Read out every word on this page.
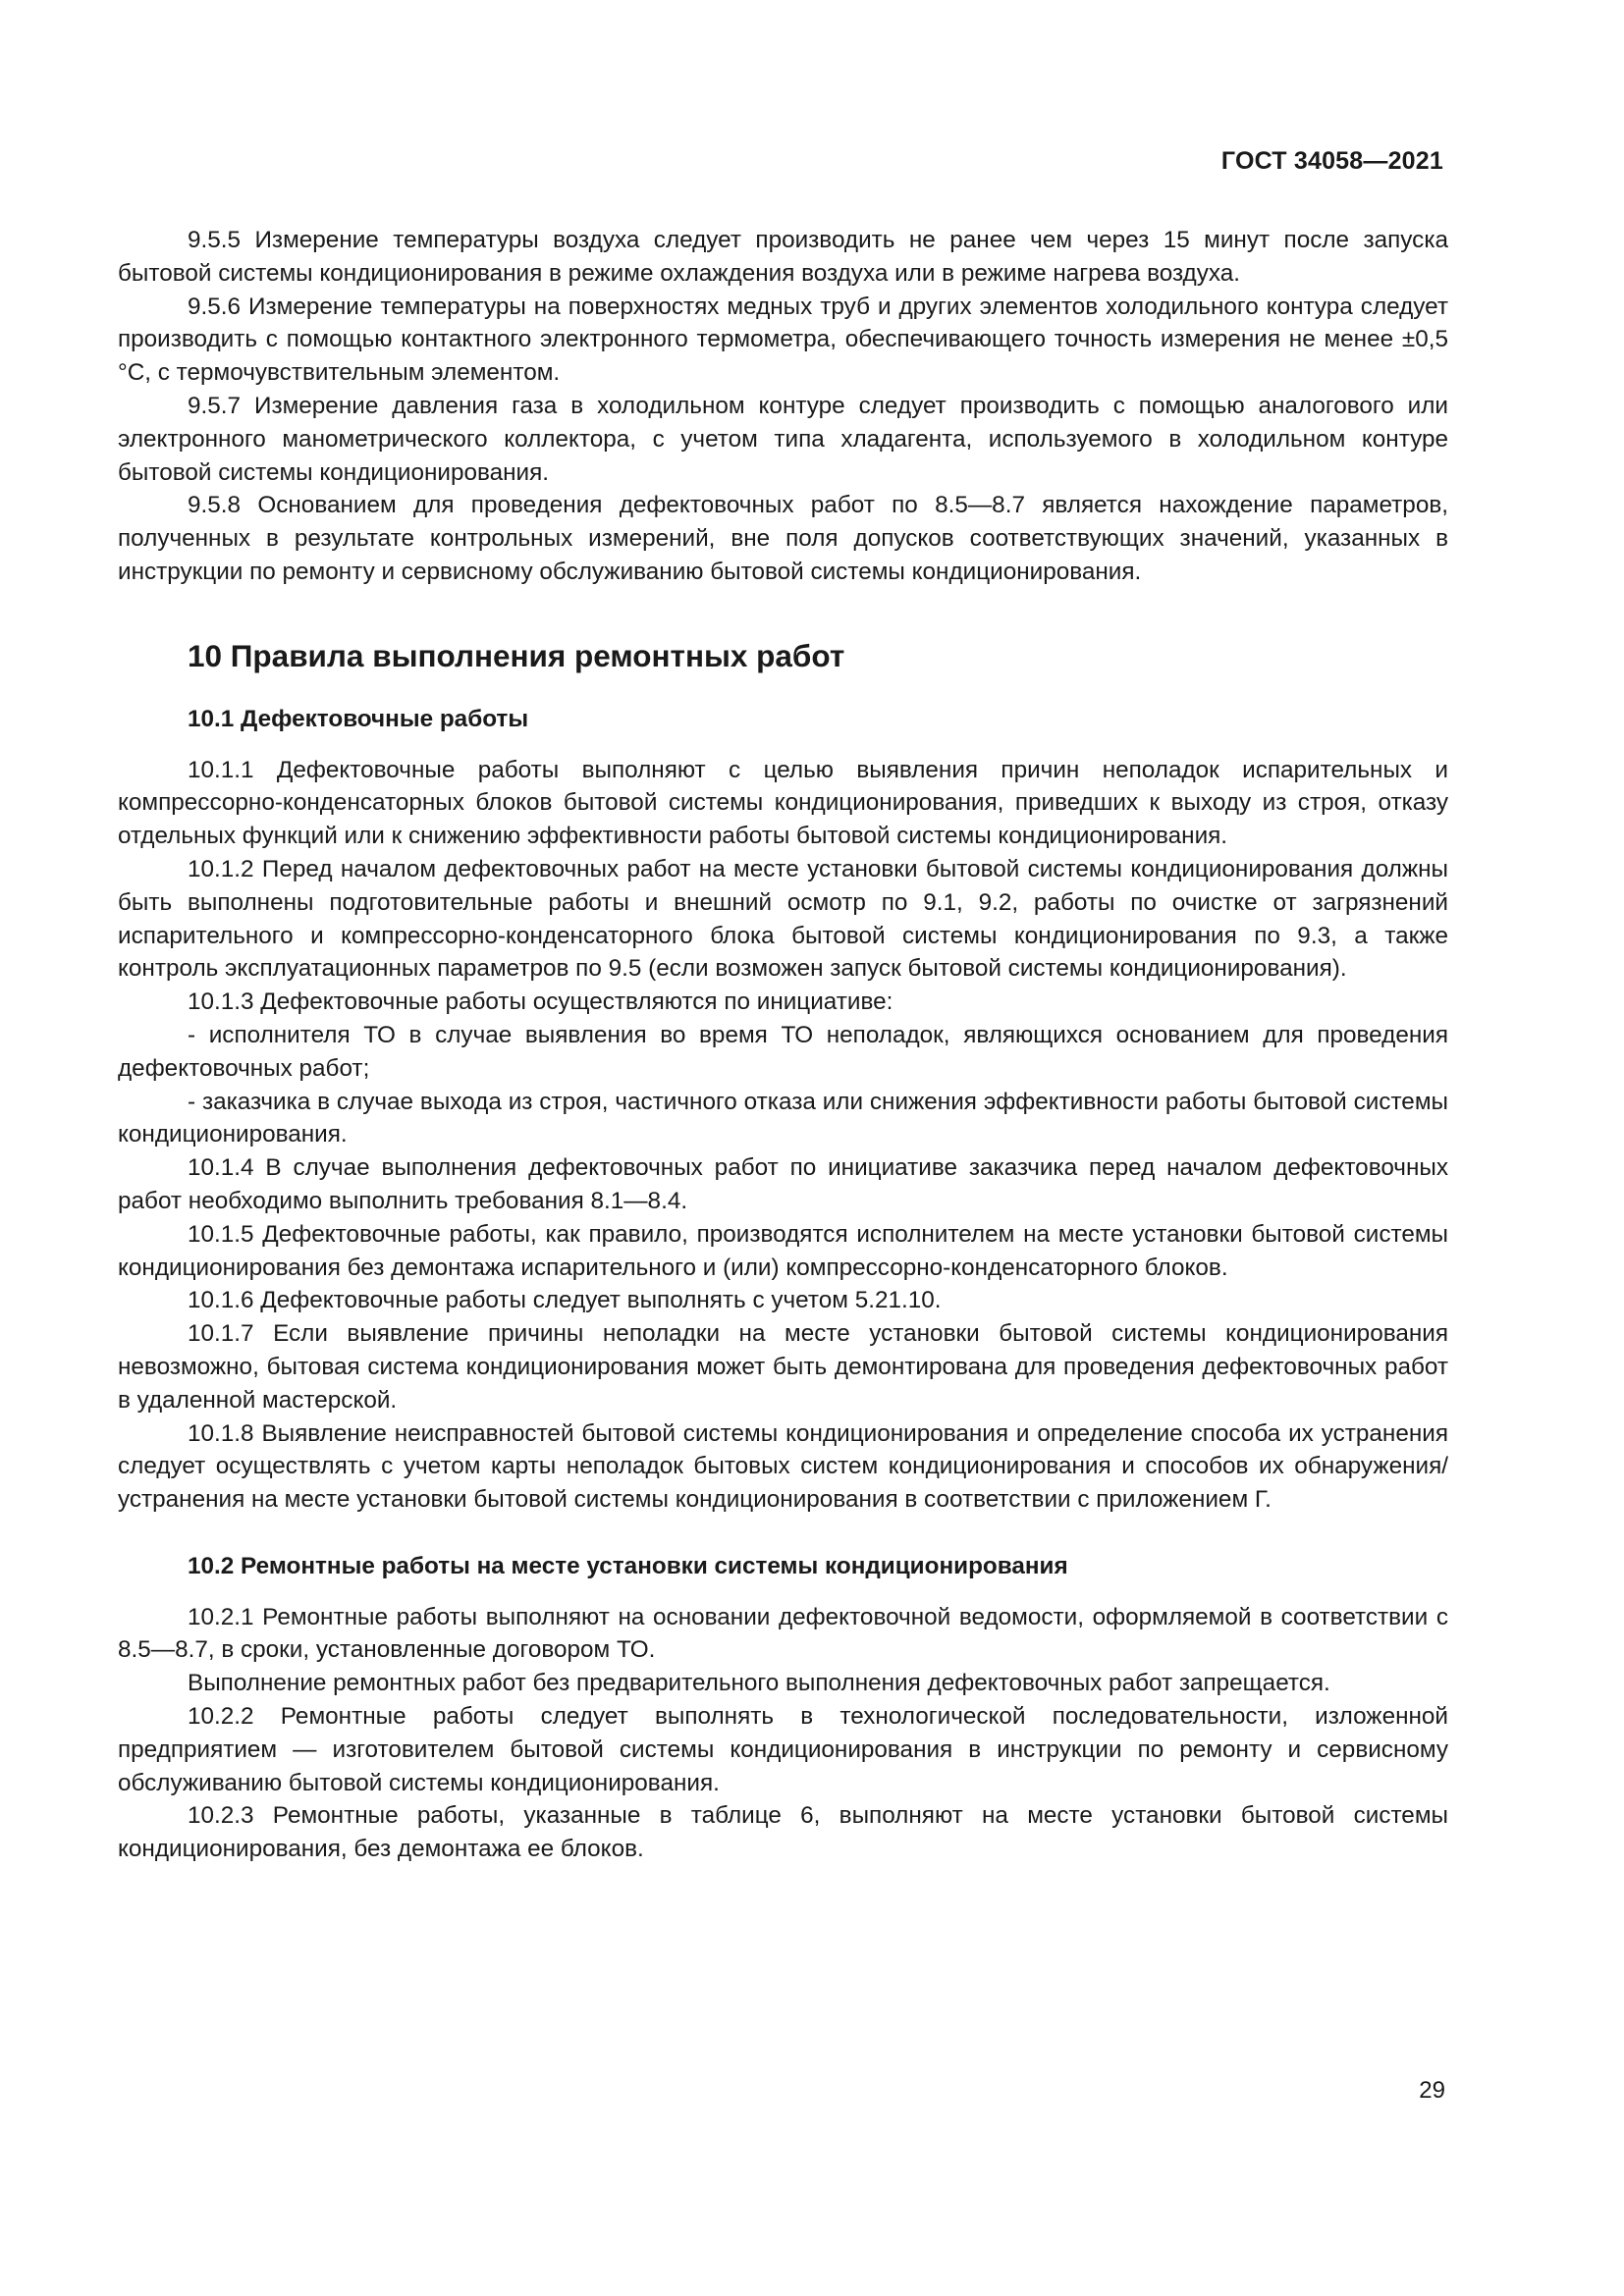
ГОСТ 34058—2021

9.5.5 Измерение температуры воздуха следует производить не ранее чем через 15 минут после запуска бытовой системы кондиционирования в режиме охлаждения воздуха или в режиме нагрева воздуха.

9.5.6 Измерение температуры на поверхностях медных труб и других элементов холодильного контура следует производить с помощью контактного электронного термометра, обеспечивающего точность измерения не менее ±0,5 °С, с термочувствительным элементом.

9.5.7 Измерение давления газа в холодильном контуре следует производить с помощью аналогового или электронного манометрического коллектора, с учетом типа хладагента, используемого в холодильном контуре бытовой системы кондиционирования.

9.5.8 Основанием для проведения дефектовочных работ по 8.5—8.7 является нахождение параметров, полученных в результате контрольных измерений, вне поля допусков соответствующих значений, указанных в инструкции по ремонту и сервисному обслуживанию бытовой системы кондиционирования.

10 Правила выполнения ремонтных работ
10.1 Дефектовочные работы

10.1.1 Дефектовочные работы выполняют с целью выявления причин неполадок испарительных и компрессорно-конденсаторных блоков бытовой системы кондиционирования, приведших к выходу из строя, отказу отдельных функций или к снижению эффективности работы бытовой системы кондиционирования.

10.1.2 Перед началом дефектовочных работ на месте установки бытовой системы кондиционирования должны быть выполнены подготовительные работы и внешний осмотр по 9.1, 9.2, работы по очистке от загрязнений испарительного и компрессорно-конденсаторного блока бытовой системы кондиционирования по 9.3, а также контроль эксплуатационных параметров по 9.5 (если возможен запуск бытовой системы кондиционирования).

10.1.3 Дефектовочные работы осуществляются по инициативе:

- исполнителя ТО в случае выявления во время ТО неполадок, являющихся основанием для проведения дефектовочных работ;

- заказчика в случае выхода из строя, частичного отказа или снижения эффективности работы бытовой системы кондиционирования.

10.1.4 В случае выполнения дефектовочных работ по инициативе заказчика перед началом дефектовочных работ необходимо выполнить требования 8.1—8.4.

10.1.5 Дефектовочные работы, как правило, производятся исполнителем на месте установки бытовой системы кондиционирования без демонтажа испарительного и (или) компрессорно-конденсаторного блоков.

10.1.6 Дефектовочные работы следует выполнять с учетом 5.21.10.

10.1.7 Если выявление причины неполадки на месте установки бытовой системы кондиционирования невозможно, бытовая система кондиционирования может быть демонтирована для проведения дефектовочных работ в удаленной мастерской.

10.1.8 Выявление неисправностей бытовой системы кондиционирования и определение способа их устранения следует осуществлять с учетом карты неполадок бытовых систем кондиционирования и способов их обнаружения/устранения на месте установки бытовой системы кондиционирования в соответствии с приложением Г.

10.2 Ремонтные работы на месте установки системы кондиционирования

10.2.1 Ремонтные работы выполняют на основании дефектовочной ведомости, оформляемой в соответствии с 8.5—8.7, в сроки, установленные договором ТО.

Выполнение ремонтных работ без предварительного выполнения дефектовочных работ запрещается.

10.2.2 Ремонтные работы следует выполнять в технологической последовательности, изложенной предприятием — изготовителем бытовой системы кондиционирования в инструкции по ремонту и сервисному обслуживанию бытовой системы кондиционирования.

10.2.3 Ремонтные работы, указанные в таблице 6, выполняют на месте установки бытовой системы кондиционирования, без демонтажа ее блоков.

29
